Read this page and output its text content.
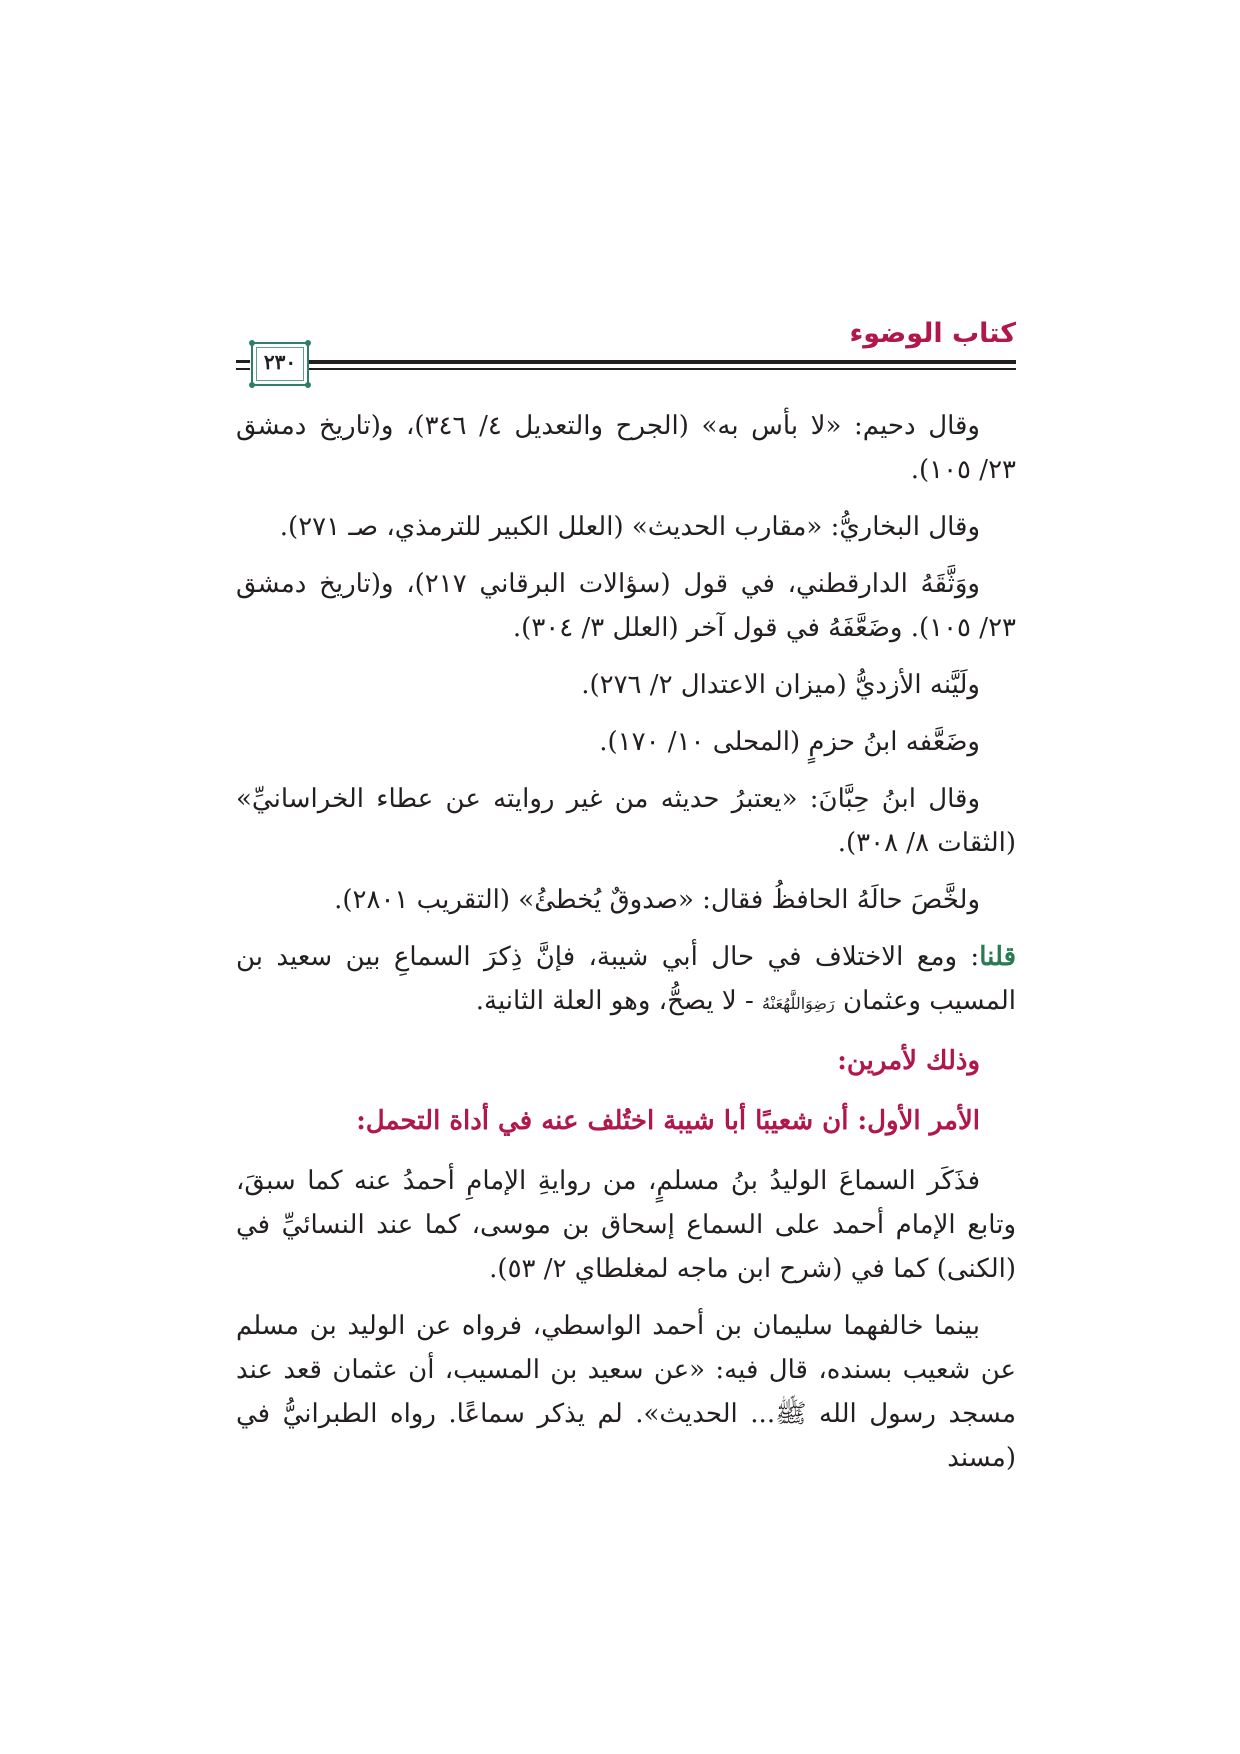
كتاب الوضوء
٢٣٠

وقال دحيم: «لا بأس به» (الجرح والتعديل ٤/ ٣٤٦)، و(تاريخ دمشق ٢٣/ ١٠٥).

وقال البخاريُّ: «مقارب الحديث» (العلل الكبير للترمذي، صـ ٢٧١).

ووَثَّقَهُ الدارقطني، في قول (سؤالات البرقاني ٢١٧)، و(تاريخ دمشق ٢٣/ ١٠٥). وضَعَّفَهُ في قول آخر (العلل ٣/ ٣٠٤).

ولَيَّنه الأزديُّ (ميزان الاعتدال ٢/ ٢٧٦).

وضَعَّفه ابنُ حزمٍ (المحلى ١٠/ ١٧٠).

وقال ابنُ حِبَّانَ: «يعتبرُ حديثه من غير روايته عن عطاء الخراسانيِّ» (الثقات ٨/ ٣٠٨).

ولخَّصَ حالَهُ الحافظُ فقال: «صدوقٌ يُخطئُ» (التقريب ٢٨٠١).

قلنا: ومع الاختلاف في حال أبي شيبة، فإنَّ ذِكرَ السماعِ بين سعيد بن المسيب وعثمان رَضِوَاللَّهُعَنْهُ - لا يصحُّ، وهو العلة الثانية.

وذلك لأمرين:

الأمر الأول: أن شعيبًا أبا شيبة اختُلف عنه في أداة التحمل:

فذَكَر السماعَ الوليدُ بنُ مسلمٍ، من روايةِ الإمامِ أحمدُ عنه كما سبقَ، وتابع الإمام أحمد على السماع إسحاق بن موسى، كما عند النسائيِّ في (الكنى) كما في (شرح ابن ماجه لمغلطاي ٢/ ٥٣).

بينما خالفهما سليمان بن أحمد الواسطي، فرواه عن الوليد بن مسلم عن شعيب بسنده، قال فيه: «عن سعيد بن المسيب، أن عثمان قعد عند مسجد رسول الله ﷺ... الحديث». لم يذكر سماعًا. رواه الطبرانيُّ في (مسند
